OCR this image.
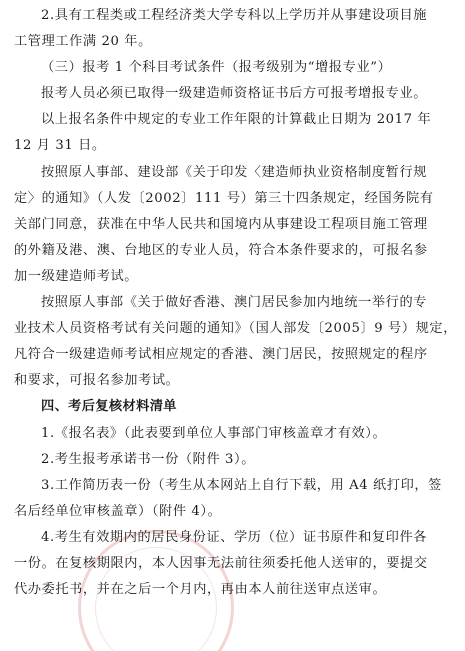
2.具有工程类或工程经济类大学专科以上学历并从事建设项目施
工管理工作满 20 年。

（三）报考 1 个科目考试条件（报考级别为“增报专业”）

报考人员必须已取得一级建造师资格证书后方可报考增报专业。

以上报名条件中规定的专业工作年限的计算截止日期为 2017 年
12 月 31 日。

按照原人事部、建设部《关于印发〈建造师执业资格制度暂行规
定〉的通知》（人发〔2002〕111 号）第三十四条规定，经国务院有
关部门同意，获准在中华人民共和国境内从事建设工程项目施工管理
的外籍及港、澳、台地区的专业人员，符合本条件要求的，可报名参
加一级建造师考试。

按照原人事部《关于做好香港、澳门居民参加内地统一举行的专
业技术人员资格考试有关问题的通知》（国人部发〔2005〕9 号）规定，
凡符合一级建造师考试相应规定的香港、澳门居民，按照规定的程序
和要求，可报名参加考试。

四、考后复核材料清单

1.《报名表》（此表要到单位人事部门审核盖章才有效）。

2.考生报考承诺书一份（附件 3）。

3.工作简历表一份（考生从本网站上自行下载，用 A4 纸打印，签
名后经单位审核盖章）（附件 4）。

4.考生有效期内的居民身份证、学历（位）证书原件和复印件各
一份。在复核期限内，本人因事无法前往须委托他人送审的，要提交
代办委托书，并在之后一个月内，再由本人前往送审点送审。
